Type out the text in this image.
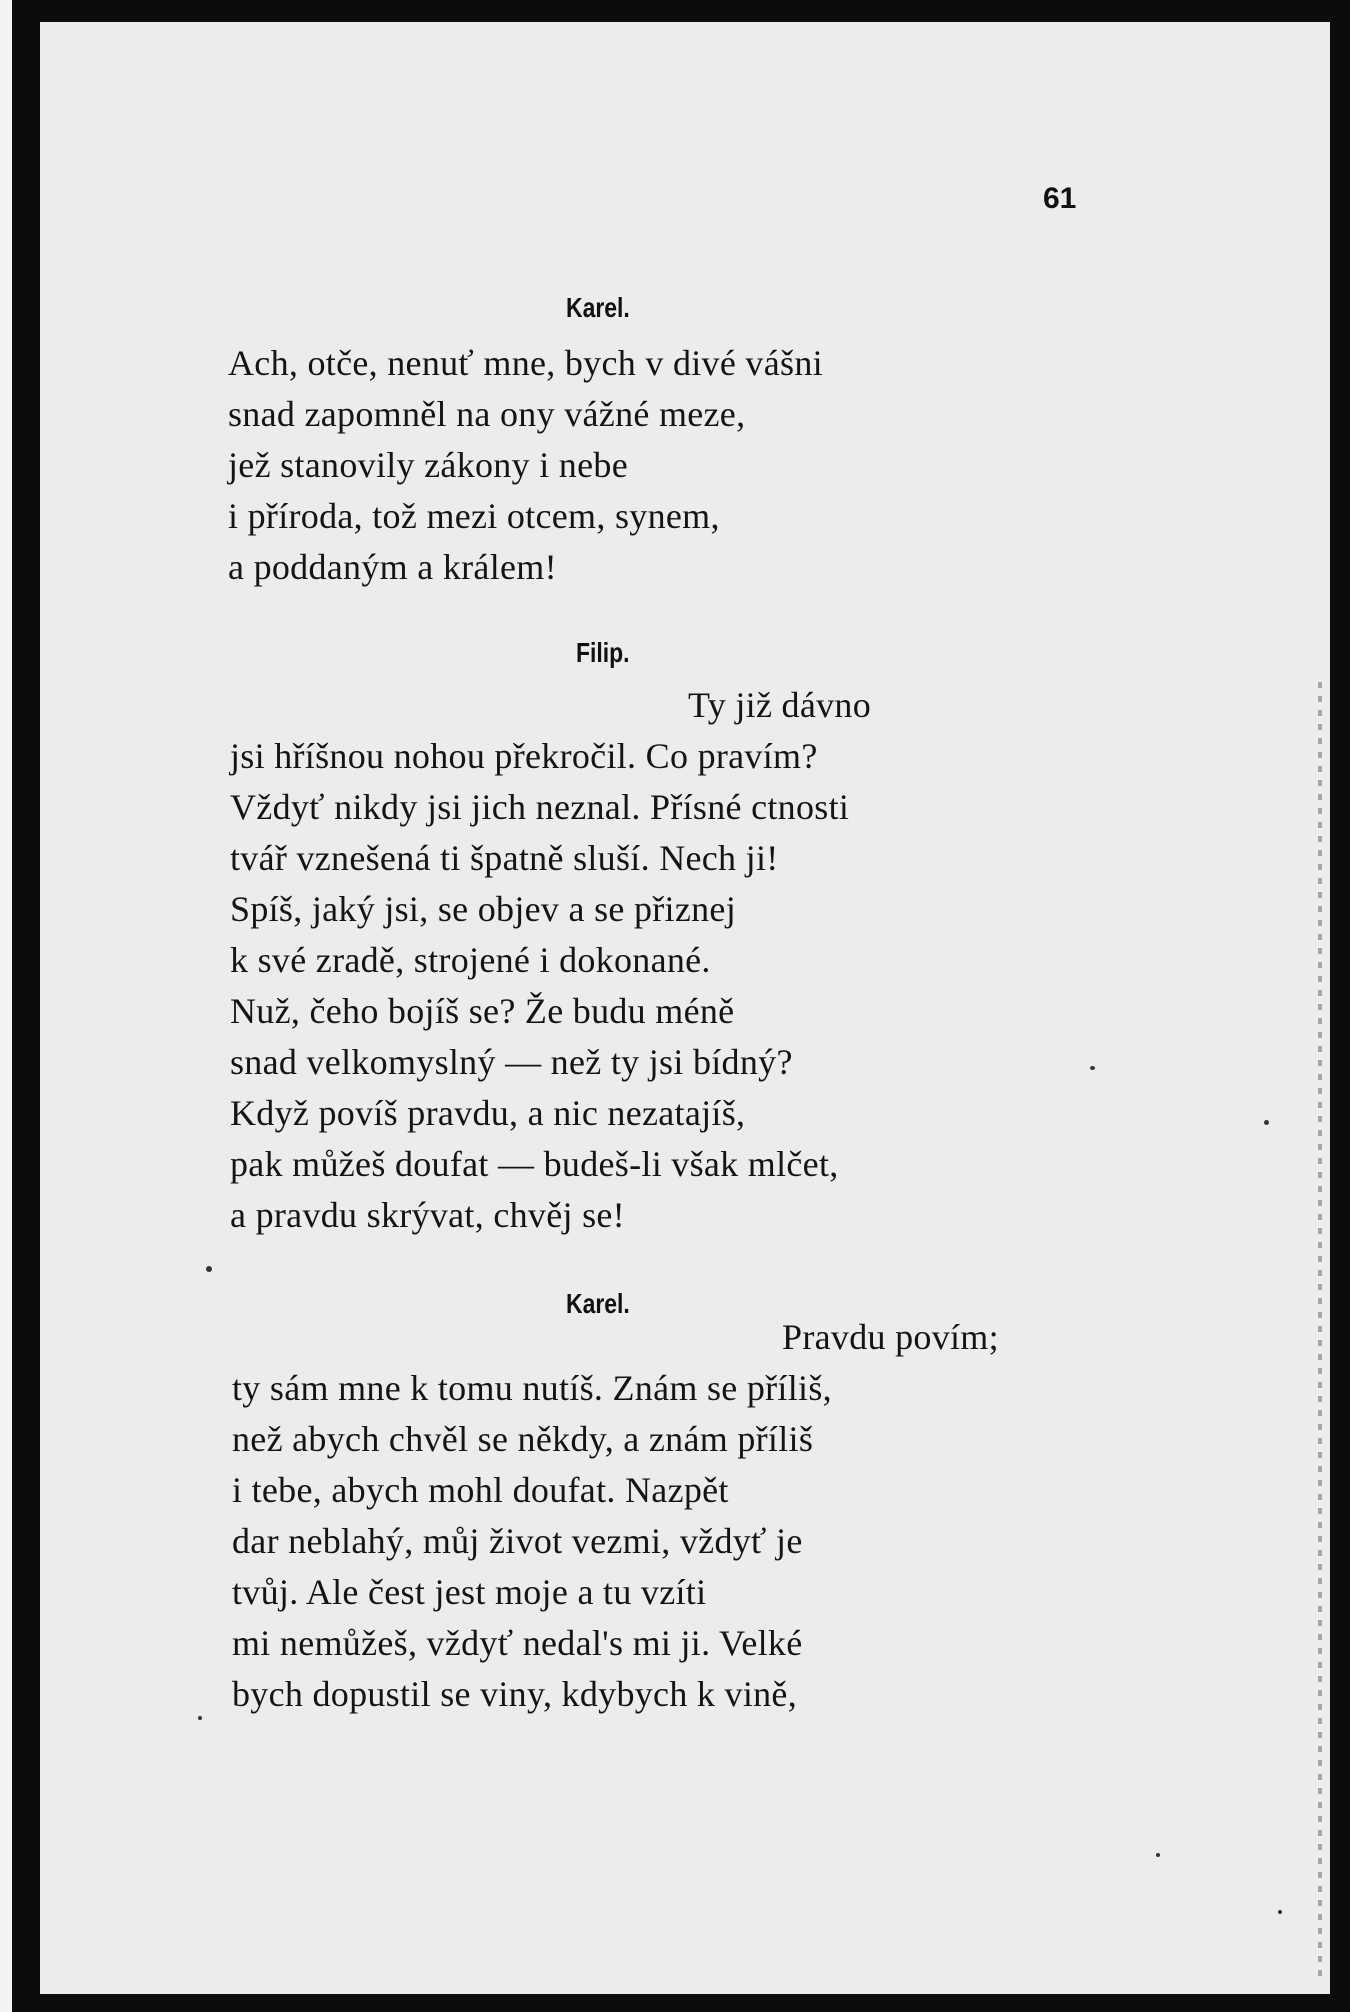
61
Karel.
Ach, otče, nenuť mne, bych v divé vášni
snad zapomněl na ony vážné meze,
jež stanovily zákony i nebe
i příroda, tož mezi otcem, synem,
a poddaným a králem!
Filip.
Ty již dávno
jsi hříšnou nohou překročil. Co pravím?
Vždyť nikdy jsi jich neznal. Přísné ctnosti
tvář vznešená ti špatně sluší. Nech ji!
Spíš, jaký jsi, se objev a se přiznej
k své zradě, strojené i dokonané.
Nuž, čeho bojíš se? Že budu méně
snad velkomyslný — než ty jsi bídný?
Když povíš pravdu, a nic nezatajíš,
pak můžeš doufat — budeš-li však mlčet,
a pravdu skrývat, chvěj se!
Karel.
Pravdu povím;
ty sám mne k tomu nutíš. Znám se příliš,
než abych chvěl se někdy, a znám příliš
i tebe, abych mohl doufat. Nazpět
dar neblahý, můj život vezmi, vždyť je
tvůj. Ale čest jest moje a tu vzíti
mi nemůžeš, vždyť nedal's mi ji. Velké
bych dopustil se viny, kdybych k vině,
